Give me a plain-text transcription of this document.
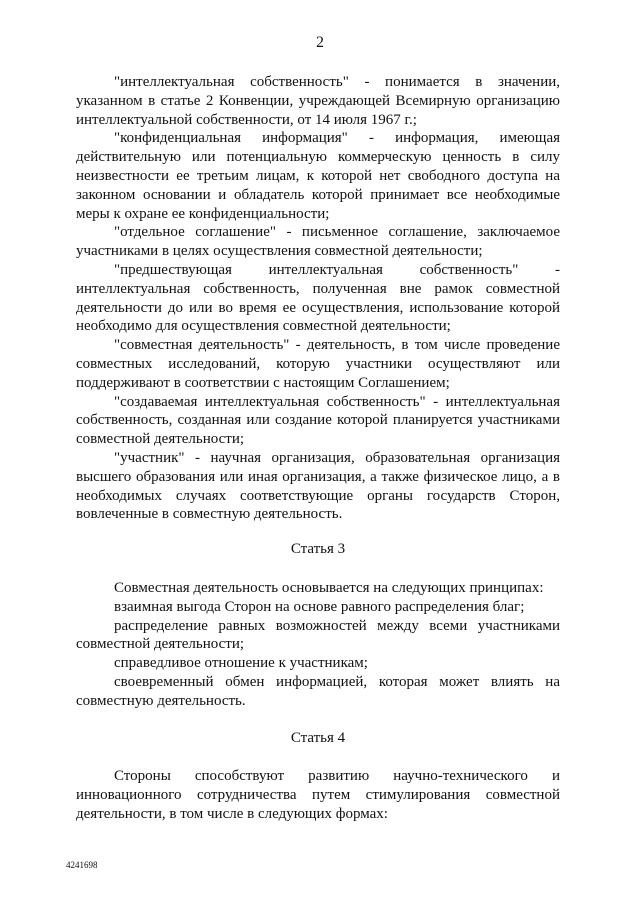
2

"интеллектуальная собственность" - понимается в значении, указанном в статье 2 Конвенции, учреждающей Всемирную организацию интеллектуальной собственности, от 14 июля 1967 г.;

"конфиденциальная информация" - информация, имеющая действительную или потенциальную коммерческую ценность в силу неизвестности ее третьим лицам, к которой нет свободного доступа на законном основании и обладатель которой принимает все необходимые меры к охране ее конфиденциальности;

"отдельное соглашение" - письменное соглашение, заключаемое участниками в целях осуществления совместной деятельности;

"предшествующая интеллектуальная собственность" - интеллектуальная собственность, полученная вне рамок совместной деятельности до или во время ее осуществления, использование которой необходимо для осуществления совместной деятельности;

"совместная деятельность" - деятельность, в том числе проведение совместных исследований, которую участники осуществляют или поддерживают в соответствии с настоящим Соглашением;

"создаваемая интеллектуальная собственность" - интеллектуальная собственность, созданная или создание которой планируется участниками совместной деятельности;

"участник" - научная организация, образовательная организация высшего образования или иная организация, а также физическое лицо, а в необходимых случаях соответствующие органы государств Сторон, вовлеченные в совместную деятельность.

Статья 3

Совместная деятельность основывается на следующих принципах:

взаимная выгода Сторон на основе равного распределения благ;

распределение равных возможностей между всеми участниками совместной деятельности;

справедливое отношение к участникам;

своевременный обмен информацией, которая может влиять на совместную деятельность.

Статья 4

Стороны способствуют развитию научно-технического и инновационного сотрудничества путем стимулирования совместной деятельности, в том числе в следующих формах:

4241698
